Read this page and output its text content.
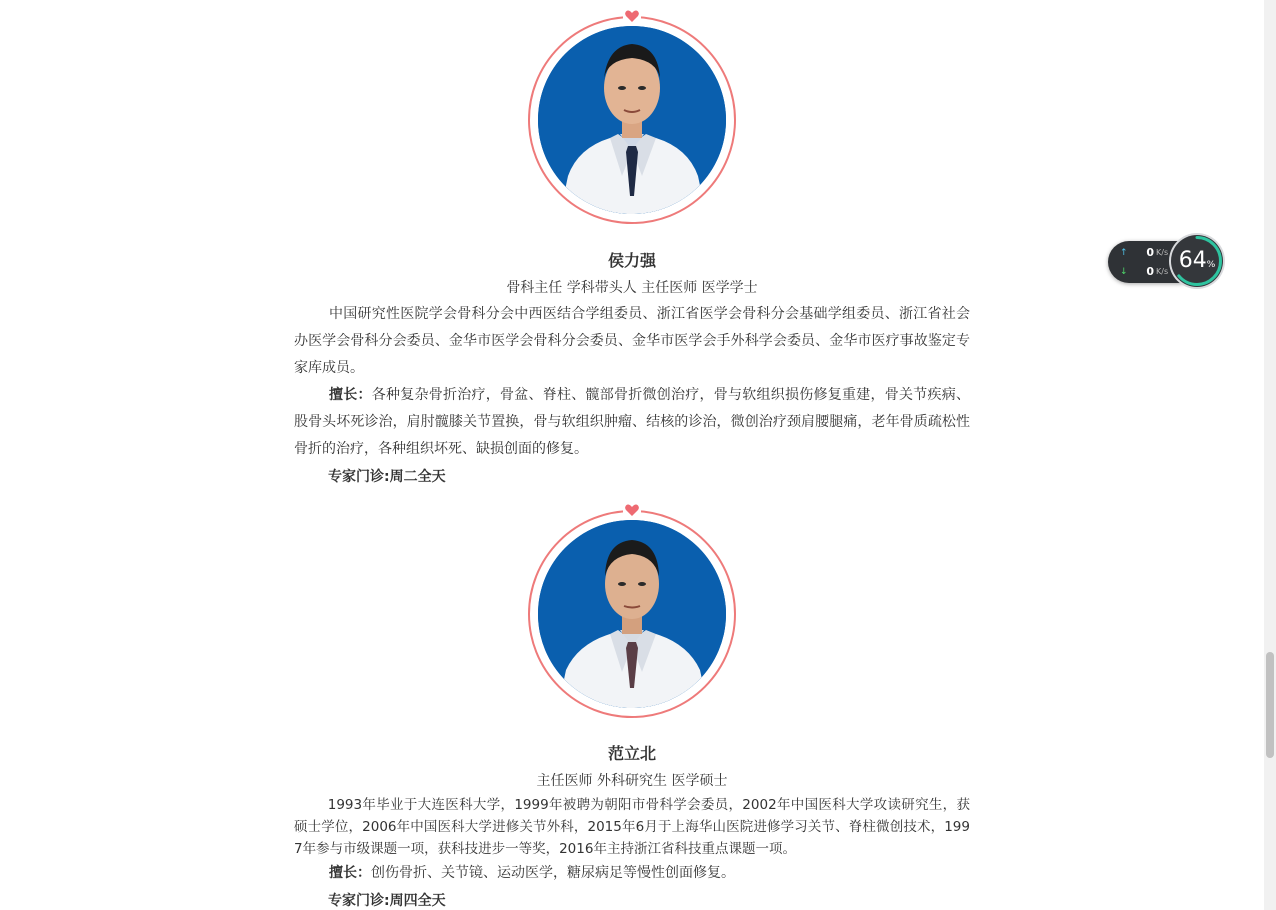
侯力强

骨科主任 学科带头人 主任医师 医学学士

中国研究性医院学会骨科分会中西医结合学组委员、浙江省医学会骨科分会基础学组委员、浙江省社会办医学会骨科分会委员、金华市医学会骨科分会委员、金华市医学会手外科学会委员、金华市医疗事故鉴定专家库成员。

擅长：各种复杂骨折治疗，骨盆、脊柱、髋部骨折微创治疗，骨与软组织损伤修复重建，骨关节疾病、股骨头坏死诊治，肩肘髋膝关节置换，骨与软组织肿瘤、结核的诊治，微创治疗颈肩腰腿痛，老年骨质疏松性骨折的治疗，各种组织坏死、缺损创面的修复。

专家门诊:周二全天

范立北

主任医师 外科研究生 医学硕士

1993年毕业于大连医科大学，1999年被聘为朝阳市骨科学会委员，2002年中国医科大学攻读研究生，获硕士学位，2006年中国医科大学进修关节外科，2015年6月于上海华山医院进修学习关节、脊柱微创技术，1997年参与市级课题一项，获科技进步一等奖，2016年主持浙江省科技重点课题一项。

擅长：创伤骨折、关节镜、运动医学，糖尿病足等慢性创面修复。

专家门诊:周四全天

↑	0 K/s
↓	0 K/s 64%
